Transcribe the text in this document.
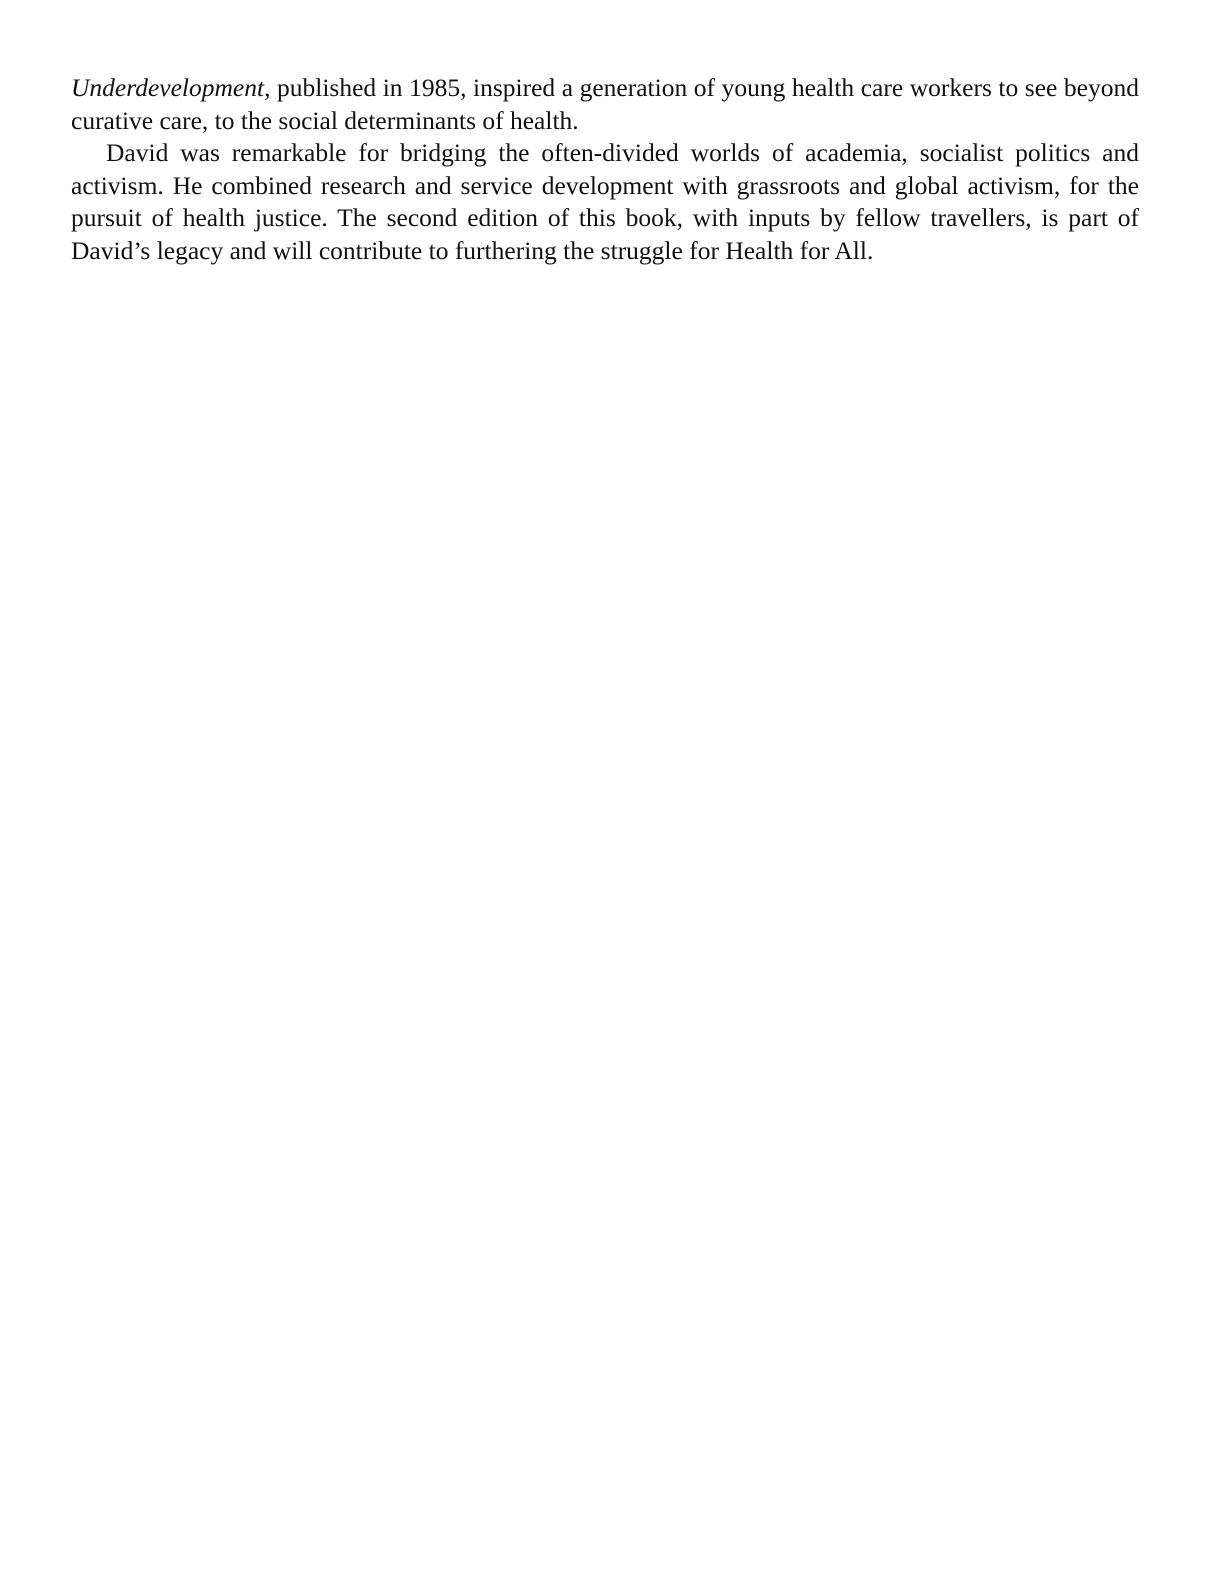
Underdevelopment, published in 1985, inspired a generation of young health care workers to see beyond curative care, to the social determinants of health.

David was remarkable for bridging the often-divided worlds of academia, socialist politics and activism. He combined research and service development with grassroots and global activism, for the pursuit of health justice. The second edition of this book, with inputs by fellow travellers, is part of David’s legacy and will contribute to furthering the struggle for Health for All.
